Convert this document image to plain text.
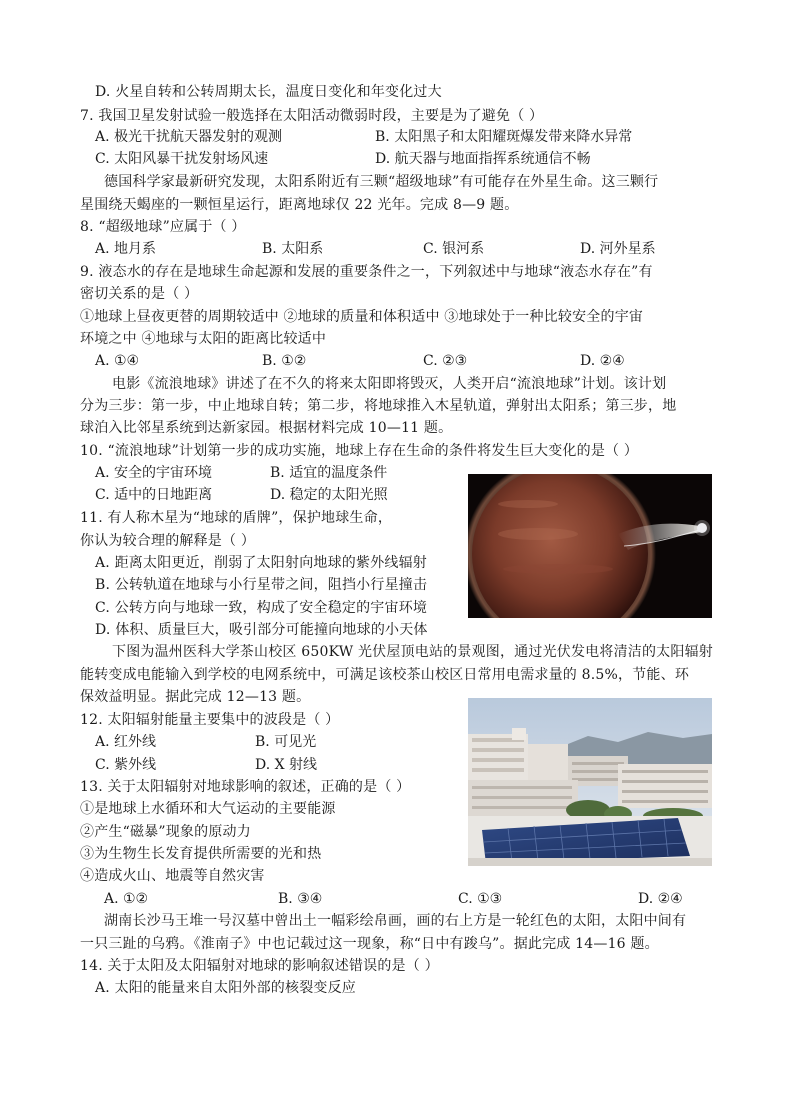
D. 火星自转和公转周期太长，温度日变化和年变化过大
7. 我国卫星发射试验一般选择在太阳活动微弱时段，主要是为了避免（ ）
A. 极光干扰航天器发射的观测	B. 太阳黑子和太阳耀斑爆发带来降水异常
C. 太阳风暴干扰发射场风速	D. 航天器与地面指挥系统通信不畅
德国科学家最新研究发现，太阳系附近有三颗“超级地球”有可能存在外星生命。这三颗行
星围绕天蝎座的一颗恒星运行，距离地球仅 22 光年。完成 8—9 题。
8. “超级地球”应属于（ ）
A. 地月系	B. 太阳系	C. 银河系	D. 河外星系
9. 液态水的存在是地球生命起源和发展的重要条件之一，下列叙述中与地球“液态水存在”有
密切关系的是（ ）
①地球上昼夜更替的周期较适中 ②地球的质量和体积适中 ③地球处于一种比较安全的宇宙
环境之中 ④地球与太阳的距离比较适中
A. ①④	B. ①②	C. ②③	D. ②④
电影《流浪地球》讲述了在不久的将来太阳即将毁灭，人类开启“流浪地球”计划。该计划
分为三步：第一步，中止地球自转；第二步，将地球推入木星轨道，弹射出太阳系；第三步，地
球泊入比邻星系统到达新家园。根据材料完成 10—11 题。
10. “流浪地球”计划第一步的成功实施，地球上存在生命的条件将发生巨大变化的是（ ）
A. 安全的宇宙环境	B. 适宜的温度条件
C. 适中的日地距离	D. 稳定的太阳光照
11. 有人称木星为“地球的盾牌”，保护地球生命，
你认为较合理的解释是（ ）
A. 距离太阳更近，削弱了太阳射向地球的紫外线辐射
B. 公转轨道在地球与小行星带之间，阻挡小行星撞击
C. 公转方向与地球一致，构成了安全稳定的宇宙环境
D. 体积、质量巨大，吸引部分可能撞向地球的小天体
下图为温州医科大学茶山校区 650KW 光伏屋顶电站的景观图，通过光伏发电将清洁的太阳辐射
能转变成电能输入到学校的电网系统中，可满足该校茶山校区日常用电需求量的 8.5%，节能、环
保效益明显。据此完成 12—13 题。
12. 太阳辐射能量主要集中的波段是（ ）
A. 红外线	B. 可见光
C. 紫外线	D. X 射线
13. 关于太阳辐射对地球影响的叙述，正确的是（ ）
①是地球上水循环和大气运动的主要能源
②产生“磁暴”现象的原动力
③为生物生长发育提供所需要的光和热
④造成火山、地震等自然灾害
A. ①②	B. ③④	C. ①③	D. ②④
湖南长沙马王堆一号汉墓中曾出土一幅彩绘帛画，画的右上方是一轮红色的太阳，太阳中间有
一只三趾的乌鸦。《淮南子》中也记载过这一现象，称“日中有踆乌”。据此完成 14—16 题。
14. 关于太阳及太阳辐射对地球的影响叙述错误的是（ ）
A. 太阳的能量来自太阳外部的核裂变反应
